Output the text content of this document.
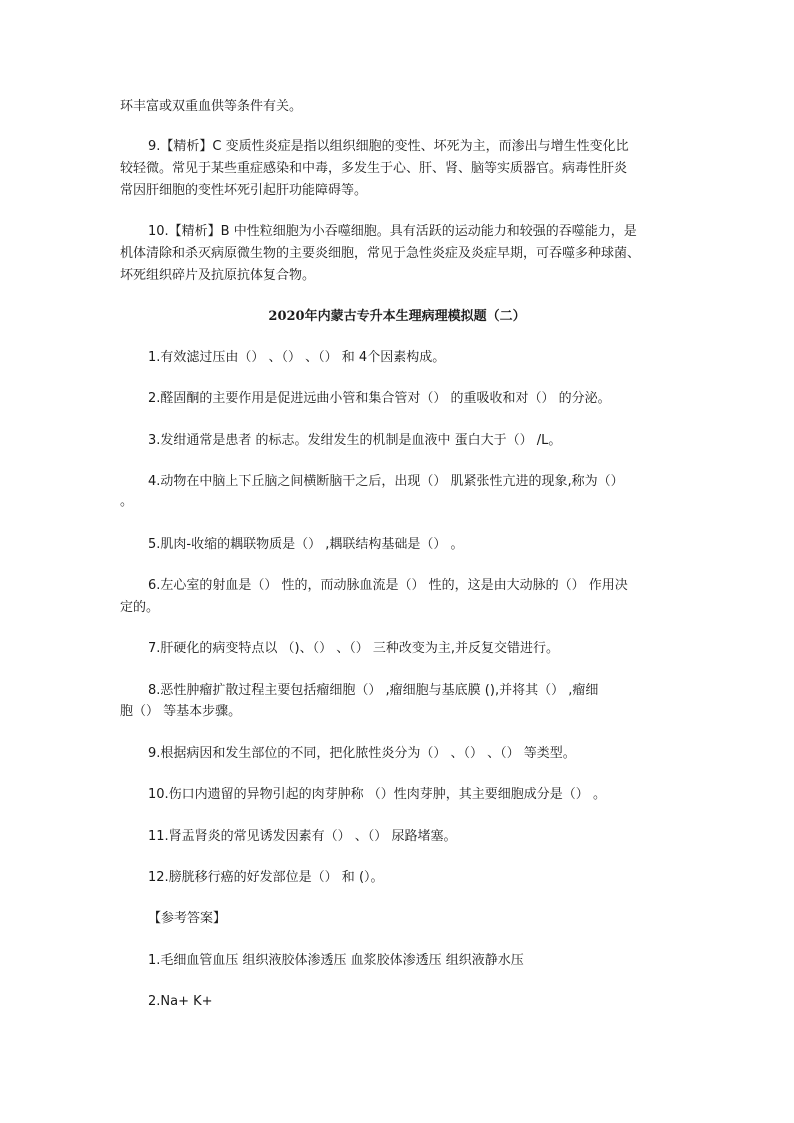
环丰富或双重血供等条件有关。
9.【精析】C 变质性炎症是指以组织细胞的变性、坏死为主，而渗出与增生性变化比
较轻微。常见于某些重症感染和中毒，多发生于心、肝、肾、脑等实质器官。病毒性肝炎
常因肝细胞的变性坏死引起肝功能障碍等。
10.【精析】B 中性粒细胞为小吞噬细胞。具有活跃的运动能力和较强的吞噬能力，是
机体清除和杀灭病原微生物的主要炎细胞，常见于急性炎症及炎症早期，可吞噬多种球菌、
坏死组织碎片及抗原抗体复合物。
2020年内蒙古专升本生理病理模拟题（二）
1.有效滤过压由（） 、（） 、（） 和 4个因素构成。
2.醛固酮的主要作用是促进远曲小管和集合管对（） 的重吸收和对（） 的分泌。
3.发绀通常是患者 的标志。发绀发生的机制是血液中 蛋白大于（） /L。
4.动物在中脑上下丘脑之间横断脑干之后，出现（） 肌紧张性亢进的现象,称为（）
。
5.肌肉-收缩的耦联物质是（） ,耦联结构基础是（） 。
6.左心室的射血是（） 性的，而动脉血流是（） 性的，这是由大动脉的（） 作用决
定的。
7.肝硬化的病变特点以 （)、（） 、（） 三种改变为主,并反复交错进行。
8.恶性肿瘤扩散过程主要包括瘤细胞（） ,瘤细胞与基底膜 (),并将其（） ,瘤细
胞（） 等基本步骤。
9.根据病因和发生部位的不同，把化脓性炎分为（） 、（） 、（） 等类型。
10.伤口内遗留的异物引起的肉芽肿称 （）性肉芽肿，其主要细胞成分是（） 。
11.肾盂肾炎的常见诱发因素有（） 、（） 尿路堵塞。
12.膀胱移行癌的好发部位是（） 和 (）。
【参考答案】
1.毛细血管血压 组织液胶体渗透压 血浆胶体渗透压 组织液静水压
2.Na+ K+
